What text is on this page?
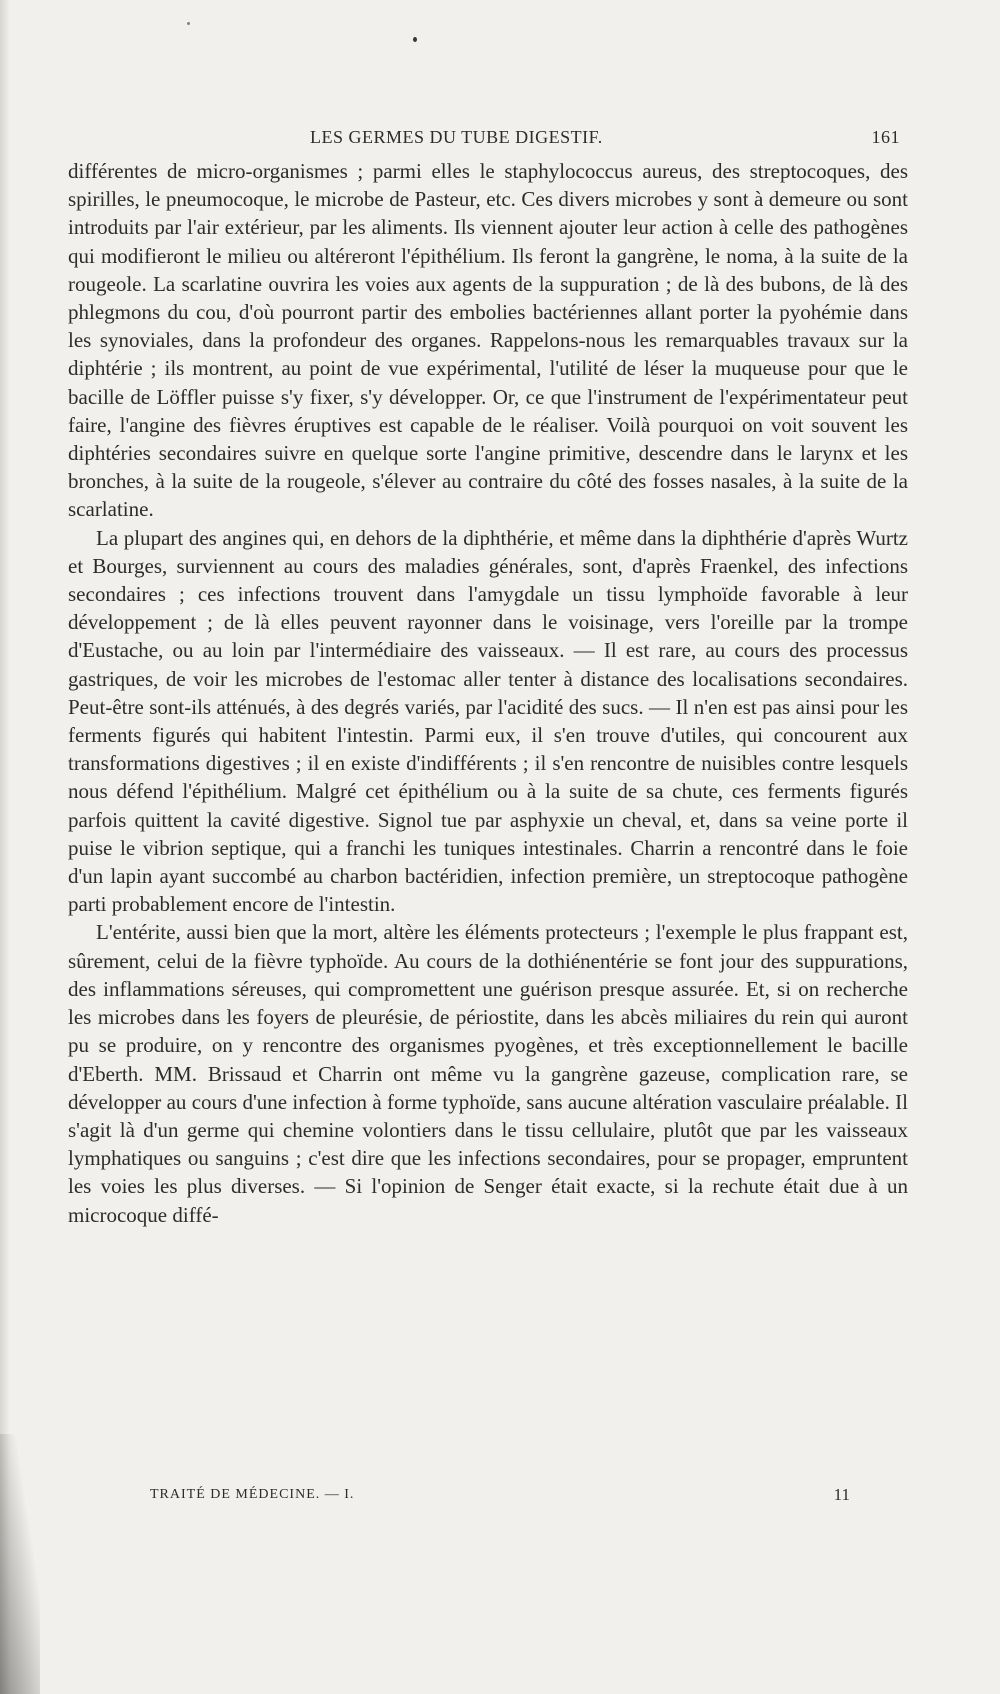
LES GERMES DU TUBE DIGESTIF.	161

différentes de micro-organismes ; parmi elles le staphylococcus aureus, des streptocoques, des spirilles, le pneumocoque, le microbe de Pasteur, etc. Ces divers microbes y sont à demeure ou sont introduits par l'air extérieur, par les aliments. Ils viennent ajouter leur action à celle des pathogènes qui modifieront le milieu ou altéreront l'épithélium. Ils feront la gangrène, le noma, à la suite de la rougeole. La scarlatine ouvrira les voies aux agents de la suppuration ; de là des bubons, de là des phlegmons du cou, d'où pourront partir des embolies bactériennes allant porter la pyohémie dans les synoviales, dans la profondeur des organes. Rappelons-nous les remarquables travaux sur la diphtérie ; ils montrent, au point de vue expérimental, l'utilité de léser la muqueuse pour que le bacille de Löffler puisse s'y fixer, s'y développer. Or, ce que l'instrument de l'expérimentateur peut faire, l'angine des fièvres éruptives est capable de le réaliser. Voilà pourquoi on voit souvent les diphtéries secondaires suivre en quelque sorte l'angine primitive, descendre dans le larynx et les bronches, à la suite de la rougeole, s'élever au contraire du côté des fosses nasales, à la suite de la scarlatine.

La plupart des angines qui, en dehors de la diphthérie, et même dans la diphthérie d'après Wurtz et Bourges, surviennent au cours des maladies générales, sont, d'après Fraenkel, des infections secondaires ; ces infections trouvent dans l'amygdale un tissu lymphoïde favorable à leur développement ; de là elles peuvent rayonner dans le voisinage, vers l'oreille par la trompe d'Eustache, ou au loin par l'intermédiaire des vaisseaux. — Il est rare, au cours des processus gastriques, de voir les microbes de l'estomac aller tenter à distance des localisations secondaires. Peut-être sont-ils atténués, à des degrés variés, par l'acidité des sucs. — Il n'en est pas ainsi pour les ferments figurés qui habitent l'intestin. Parmi eux, il s'en trouve d'utiles, qui concourent aux transformations digestives ; il en existe d'indifférents ; il s'en rencontre de nuisibles contre lesquels nous défend l'épithélium. Malgré cet épithélium ou à la suite de sa chute, ces ferments figurés parfois quittent la cavité digestive. Signol tue par asphyxie un cheval, et, dans sa veine porte il puise le vibrion septique, qui a franchi les tuniques intestinales. Charrin a rencontré dans le foie d'un lapin ayant succombé au charbon bactéridien, infection première, un streptocoque pathogène parti probablement encore de l'intestin.

L'entérite, aussi bien que la mort, altère les éléments protecteurs ; l'exemple le plus frappant est, sûrement, celui de la fièvre typhoïde. Au cours de la dothiénentérie se font jour des suppurations, des inflammations séreuses, qui compromettent une guérison presque assurée. Et, si on recherche les microbes dans les foyers de pleurésie, de périostite, dans les abcès miliaires du rein qui auront pu se produire, on y rencontre des organismes pyogènes, et très exceptionnellement le bacille d'Eberth. MM. Brissaud et Charrin ont même vu la gangrène gazeuse, complication rare, se développer au cours d'une infection à forme typhoïde, sans aucune altération vasculaire préalable. Il s'agit là d'un germe qui chemine volontiers dans le tissu cellulaire, plutôt que par les vaisseaux lymphatiques ou sanguins ; c'est dire que les infections secondaires, pour se propager, empruntent les voies les plus diverses. — Si l'opinion de Senger était exacte, si la rechute était due à un microcoque diffé-

TRAITÉ DE MÉDECINE. — I.	11
